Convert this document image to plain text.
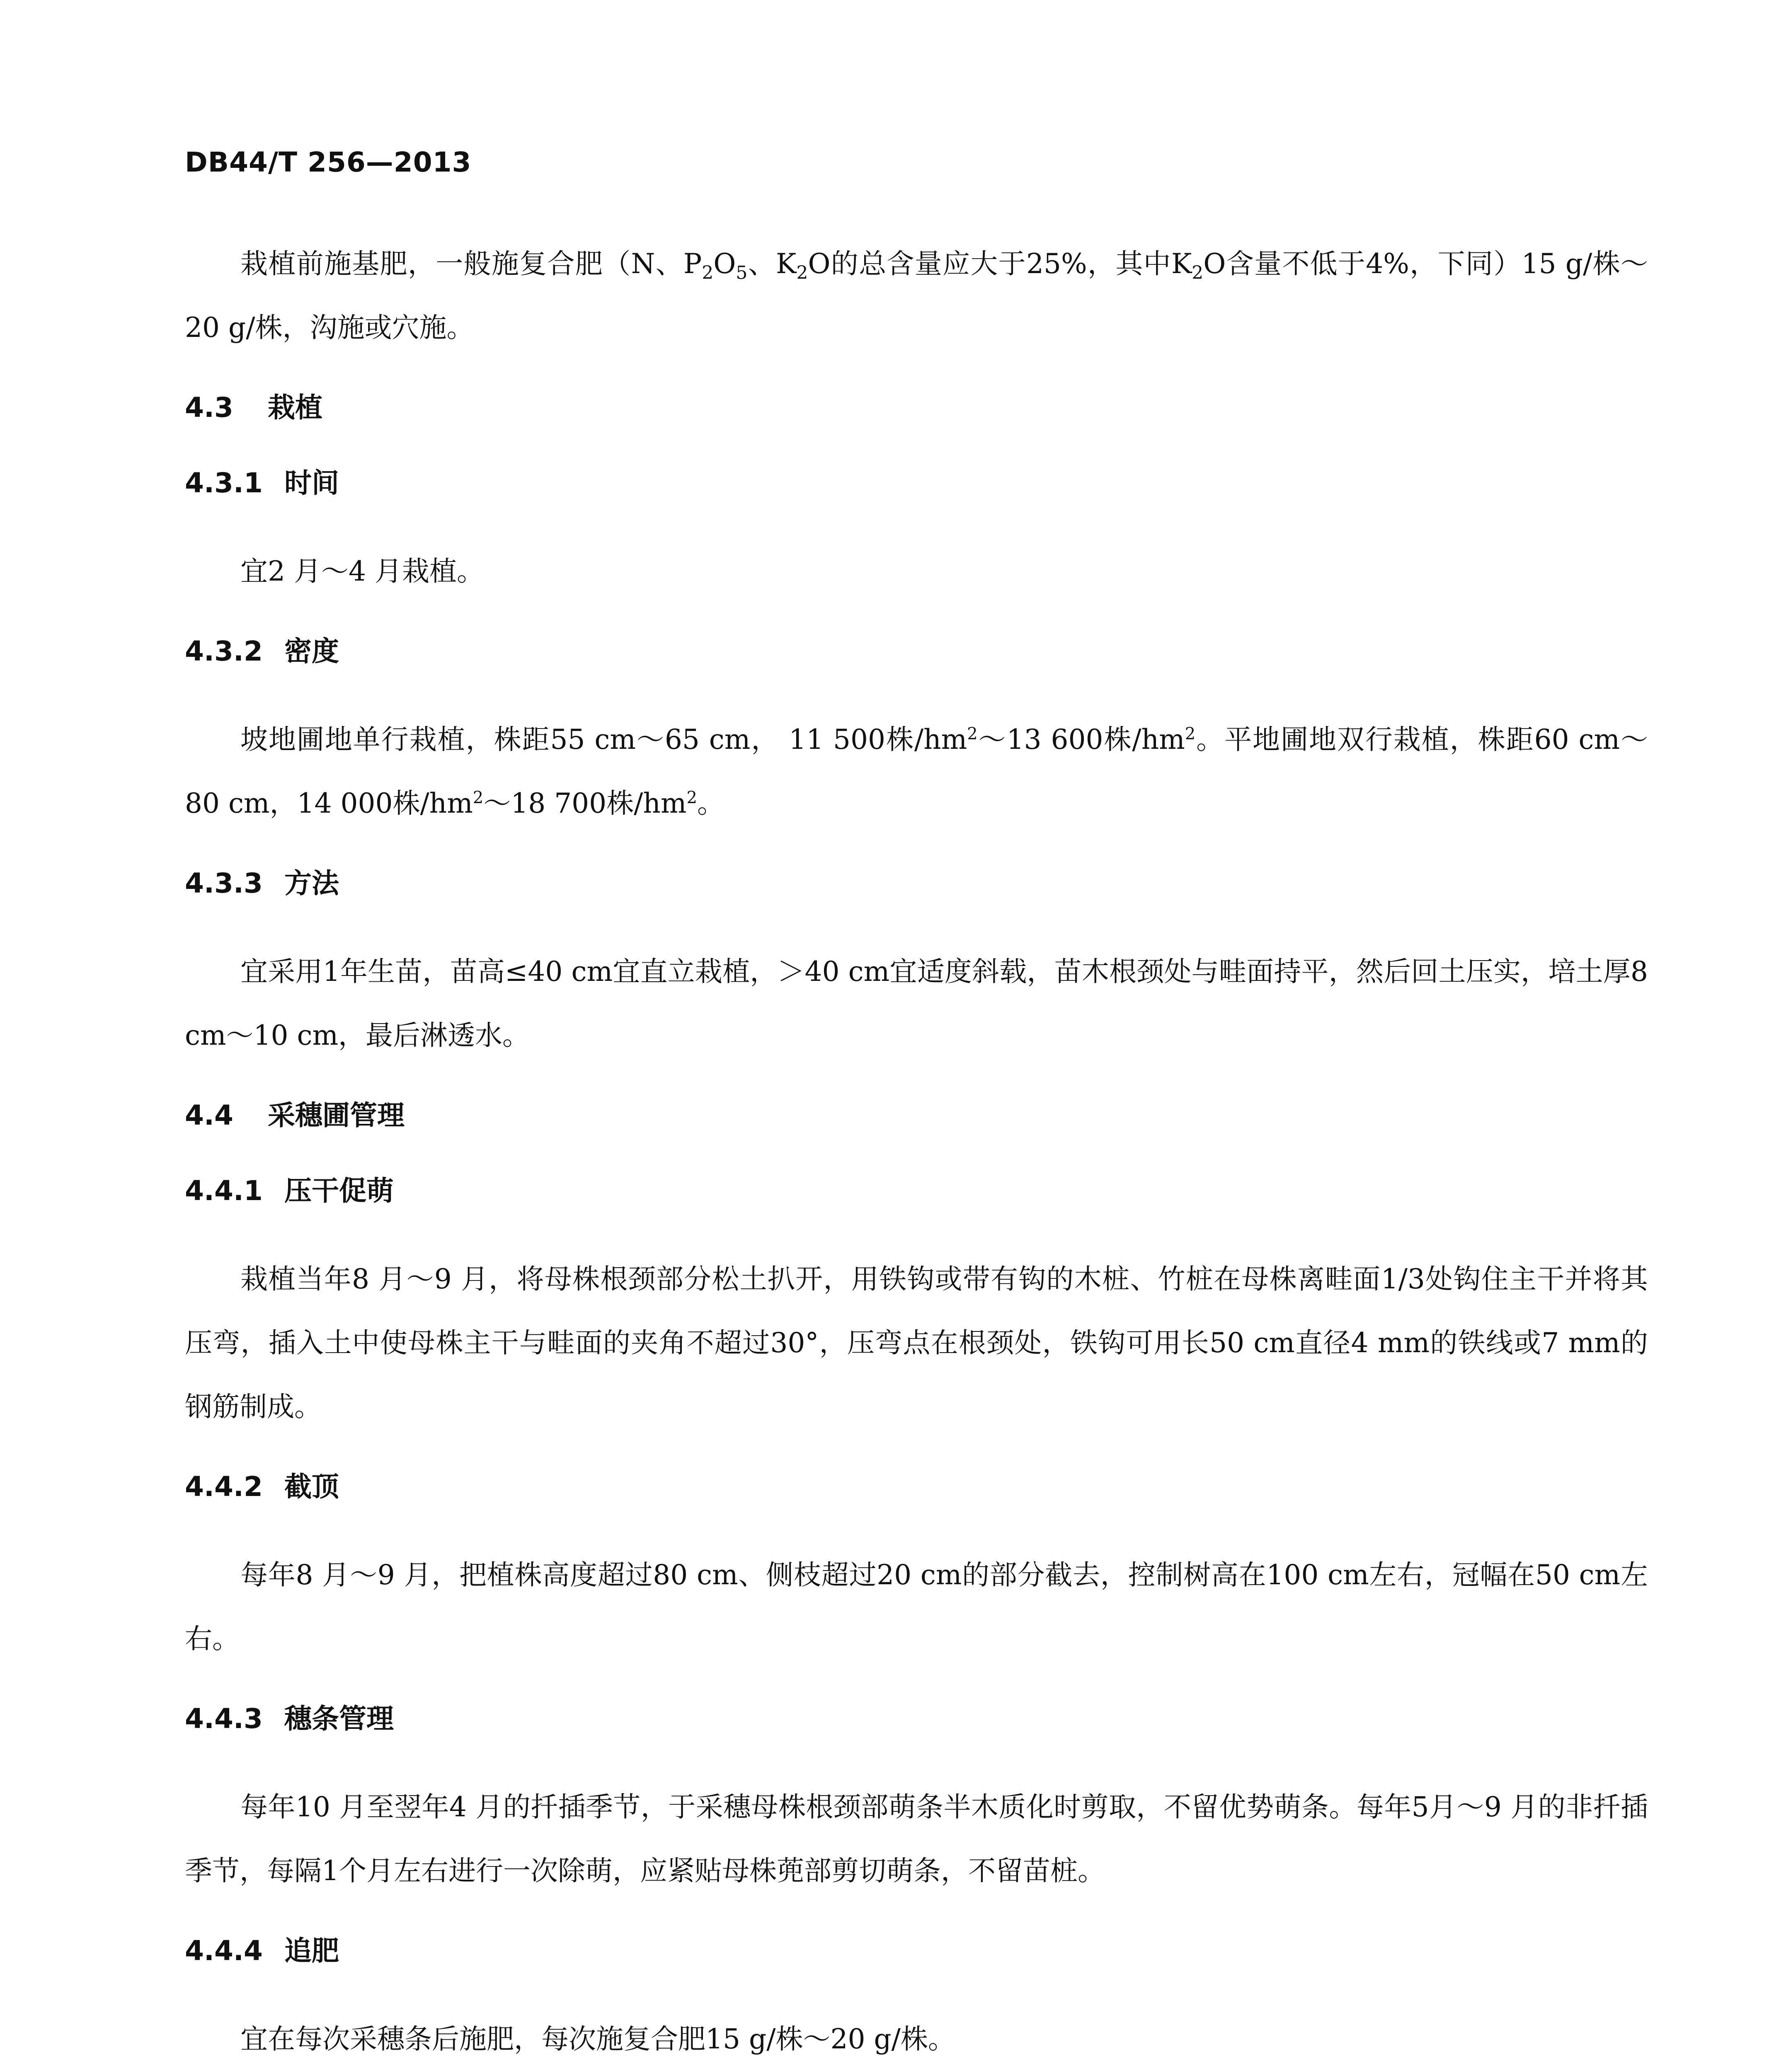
DB44/T 256—2013

栽植前施基肥，一般施复合肥（N、$P_2O_5$、$K_2O$的总含量应大于25%，其中$K_2O$含量不低于4%，下同）15 g/株～20 g/株，沟施或穴施。

4.3 栽植
4.3.1 时间

宜2 月～4 月栽植。

4.3.2 密度

坡地圃地单行栽植，株距55 cm～65 cm， 11 500株$/hm^2\sim 13$ 600株$/hm^2$。平地圃地双行栽植，株距60 cm～80 cm，14 000株$/hm^2\sim 18$ 700株$/hm^2$。

4.3.3 方法

宜采用1年生苗，苗高≤40 cm宜直立栽植，＞40 cm宜适度斜载，苗木根颈处与畦面持平，然后回土压实，培土厚8 cm～10 cm，最后淋透水。

4.4 采穗圃管理
4.4.1 压干促萌

栽植当年8 月～9 月，将母株根颈部分松土扒开，用铁钩或带有钩的木桩、竹桩在母株离畦面1/3处钩住主干并将其压弯，插入土中使母株主干与畦面的夹角不超过30°，压弯点在根颈处，铁钩可用长50 cm直径4 mm的铁线或7 mm的钢筋制成。

4.4.2 截顶

每年8 月～9 月，把植株高度超过80 cm、侧枝超过20 cm的部分截去，控制树高在100 cm左右，冠幅在50 cm左右。

4.4.3 穗条管理

每年10 月至翌年4 月的扦插季节，于采穗母株根颈部萌条半木质化时剪取，不留优势萌条。每年5月～9 月的非扦插季节，每隔1个月左右进行一次除萌，应紧贴母株蔸部剪切萌条，不留苗桩。

4.4.4 追肥

宜在每次采穗条后施肥，每次施复合肥15 g/株～20 g/株。
